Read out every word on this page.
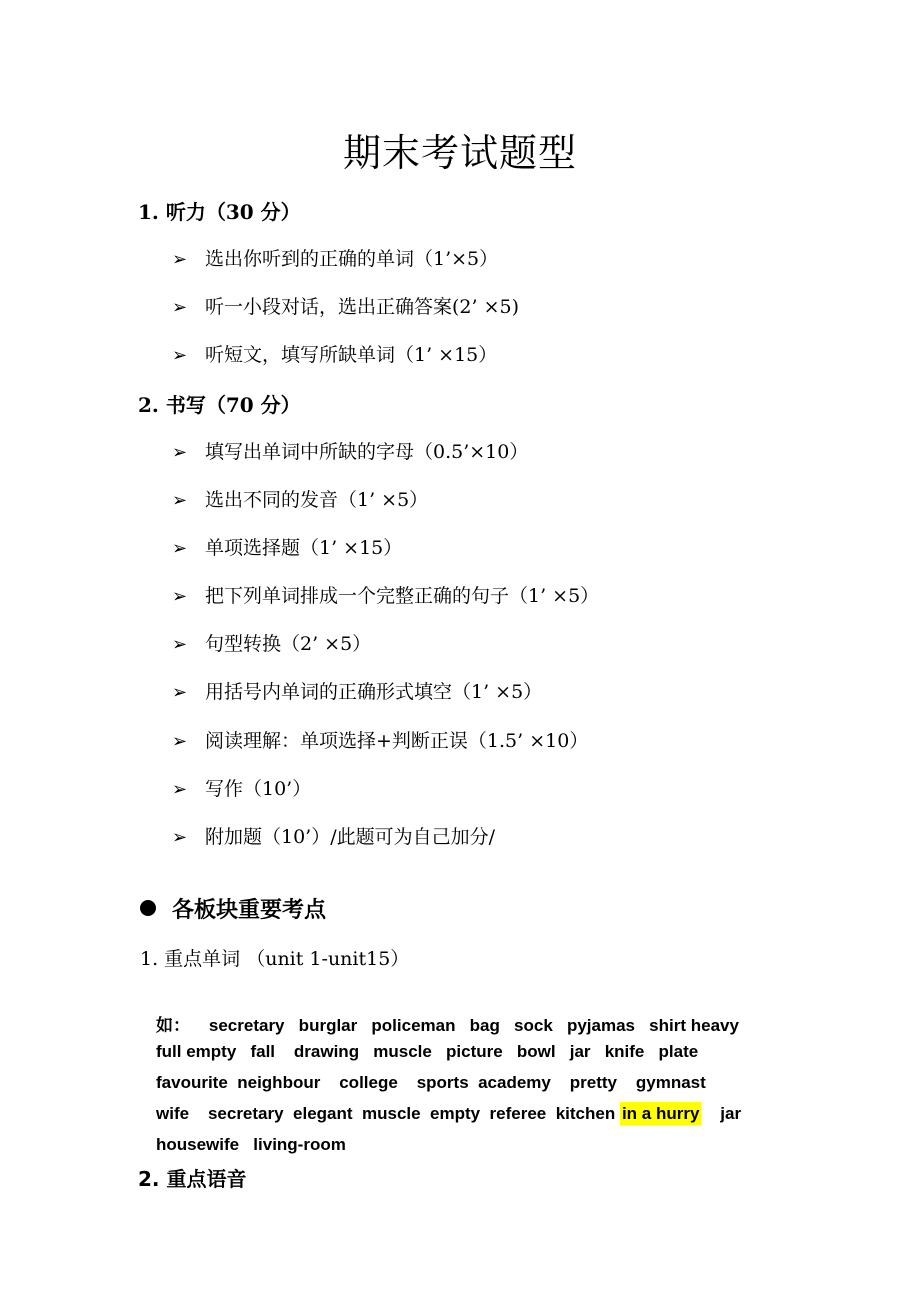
期末考试题型
1. 听力（30 分）
➢ 选出你听到的正确的单词（1’×5）
➢ 听一小段对话，选出正确答案(2’ ×5)
➢ 听短文，填写所缺单词（1’ ×15）
2. 书写（70 分）
➢ 填写出单词中所缺的字母（0.5’×10）
➢ 选出不同的发音（1’ ×5）
➢ 单项选择题（1’ ×15）
➢ 把下列单词排成一个完整正确的句子（1’ ×5）
➢ 句型转换（2’ ×5）
➢ 用括号内单词的正确形式填空（1’ ×5）
➢ 阅读理解：单项选择+判断正误（1.5’ ×10）
➢ 写作（10’）
➢ 附加题（10’）/此题可为自己加分/
各板块重要考点
1. 重点单词 （unit 1-unit15）
如：    secretary   burglar   policeman   bag   sock   pyjamas   shirt heavy
full empty   fall    drawing   muscle   picture   bowl   jar   knife   plate
favourite  neighbour    college    sports  academy    pretty    gymnast
wife    secretary  elegant  muscle  empty  referee  kitchen in a hurry    jar
housewife   living-room
2. 重点语音
